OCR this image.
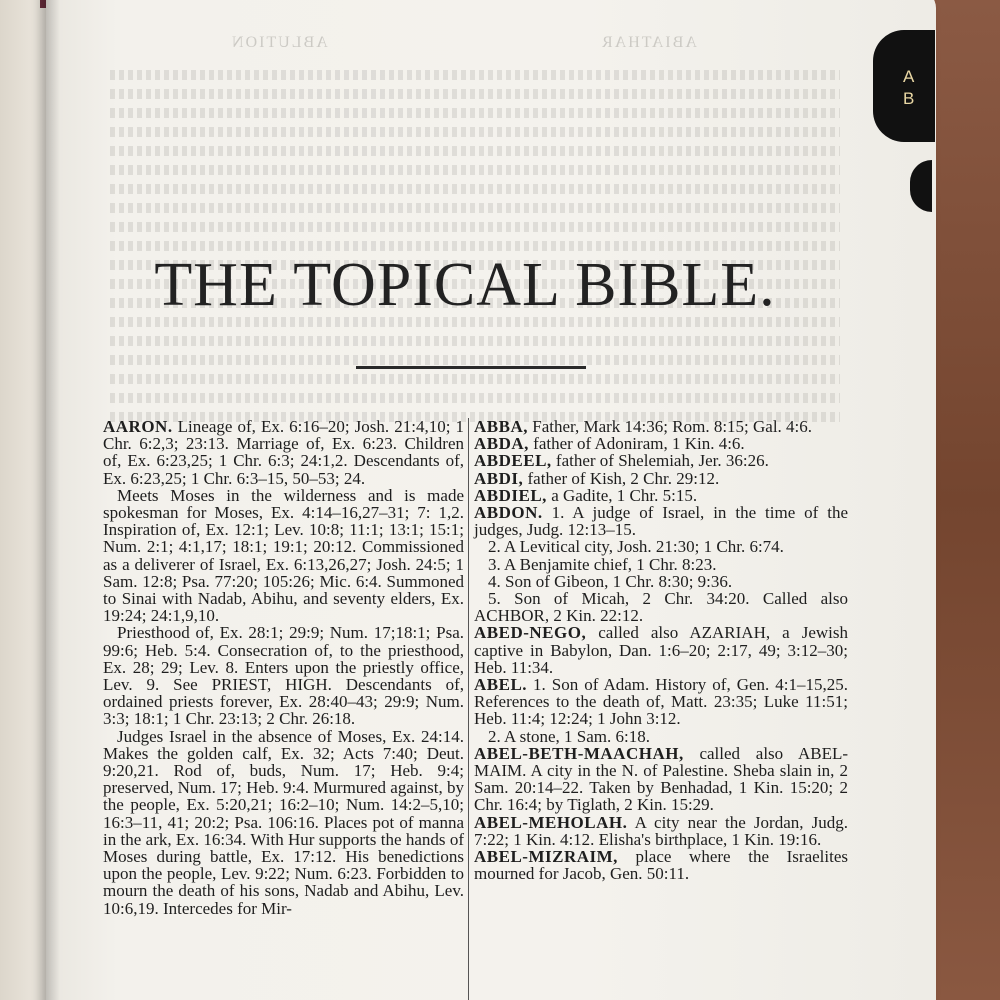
ABLUTION	ABIATHAR
A
B
THE TOPICAL BIBLE.

AARON. Lineage of, Ex. 6:16–20; Josh. 21:4,10; 1 Chr. 6:2,3; 23:13. Marriage of, Ex. 6:23. Children of, Ex. 6:23,25; 1 Chr. 6:3; 24:1,2. Descendants of, Ex. 6:23,25; 1 Chr. 6:3–15, 50–53; 24.

Meets Moses in the wilderness and is made spokesman for Moses, Ex. 4:14–16,27–31; 7: 1,2. Inspiration of, Ex. 12:1; Lev. 10:8; 11:1; 13:1; 15:1; Num. 2:1; 4:1,17; 18:1; 19:1; 20:12. Commissioned as a deliverer of Israel, Ex. 6:13,26,27; Josh. 24:5; 1 Sam. 12:8; Psa. 77:20; 105:26; Mic. 6:4. Summoned to Sinai with Nadab, Abihu, and seventy elders, Ex. 19:24; 24:1,9,10.

Priesthood of, Ex. 28:1; 29:9; Num. 17;18:1; Psa. 99:6; Heb. 5:4. Consecration of, to the priesthood, Ex. 28; 29; Lev. 8. Enters upon the priestly office, Lev. 9. See PRIEST, HIGH. Descendants of, ordained priests forever, Ex. 28:40–43; 29:9; Num. 3:3; 18:1; 1 Chr. 23:13; 2 Chr. 26:18.

Judges Israel in the absence of Moses, Ex. 24:14. Makes the golden calf, Ex. 32; Acts 7:40; Deut. 9:20,21. Rod of, buds, Num. 17; Heb. 9:4; preserved, Num. 17; Heb. 9:4. Murmured against, by the people, Ex. 5:20,21; 16:2–10; Num. 14:2–5,10; 16:3–11, 41; 20:2; Psa. 106:16. Places pot of manna in the ark, Ex. 16:34. With Hur supports the hands of Moses during battle, Ex. 17:12. His benedictions upon the people, Lev. 9:22; Num. 6:23. Forbidden to mourn the death of his sons, Nadab and Abihu, Lev. 10:6,19. Intercedes for Mir-

ABBA, Father, Mark 14:36; Rom. 8:15; Gal. 4:6.

ABDA, father of Adoniram, 1 Kin. 4:6.

ABDEEL, father of Shelemiah, Jer. 36:26.

ABDI, father of Kish, 2 Chr. 29:12.

ABDIEL, a Gadite, 1 Chr. 5:15.

ABDON. 1. A judge of Israel, in the time of the judges, Judg. 12:13–15.

2. A Levitical city, Josh. 21:30; 1 Chr. 6:74.

3. A Benjamite chief, 1 Chr. 8:23.

4. Son of Gibeon, 1 Chr. 8:30; 9:36.

5. Son of Micah, 2 Chr. 34:20. Called also ACHBOR, 2 Kin. 22:12.

ABED-NEGO, called also AZARIAH, a Jewish captive in Babylon, Dan. 1:6–20; 2:17, 49; 3:12–30; Heb. 11:34.

ABEL. 1. Son of Adam. History of, Gen. 4:1–15,25. References to the death of, Matt. 23:35; Luke 11:51; Heb. 11:4; 12:24; 1 John 3:12.

2. A stone, 1 Sam. 6:18.

ABEL-BETH-MAACHAH, called also ABEL-MAIM. A city in the N. of Palestine. Sheba slain in, 2 Sam. 20:14–22. Taken by Benhadad, 1 Kin. 15:20; 2 Chr. 16:4; by Tiglath, 2 Kin. 15:29.

ABEL-MEHOLAH. A city near the Jordan, Judg. 7:22; 1 Kin. 4:12. Elisha's birthplace, 1 Kin. 19:16.

ABEL-MIZRAIM, place where the Israelites mourned for Jacob, Gen. 50:11.
